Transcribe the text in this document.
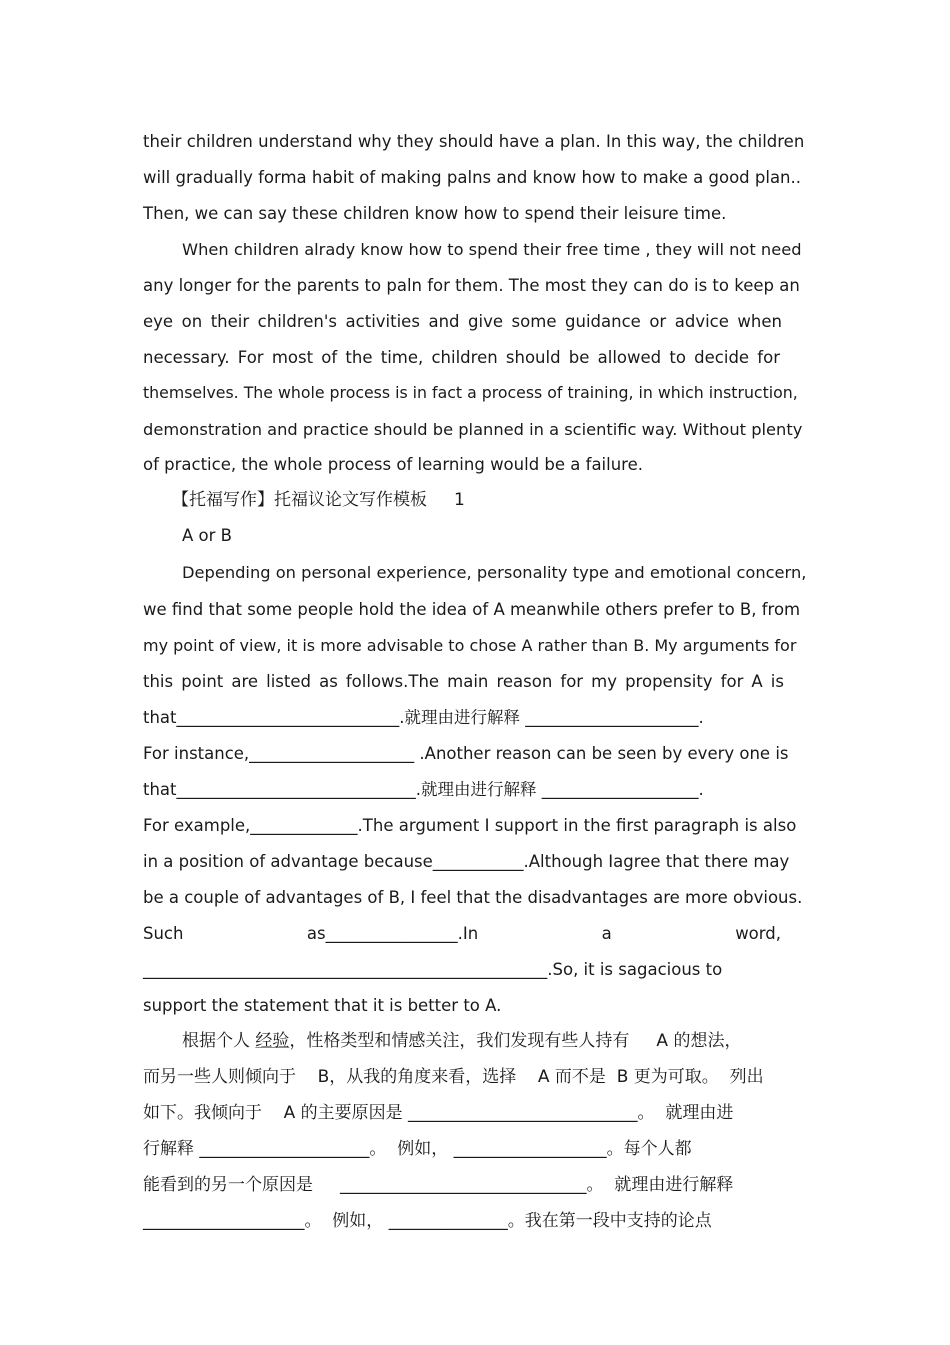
their children understand why they should have a plan. In this way, the children
will gradually forma habit of making palns and know how to make a good plan..
Then, we can say these children know how to spend their leisure time.
When children alrady know how to spend their free time , they will not need
any longer for the parents to paln for them. The most they can do is to keep an
eye on their children's activities and give some guidance or advice when
necessary. For most of the time, children should be allowed to decide for
themselves. The whole process is in fact a process of training, in which instruction,
demonstration and practice should be planned in a scientific way. Without plenty
of practice, the whole process of learning would be a failure.
【托福写作】托福议论文写作模板     1
A or B
Depending on personal experience, personality type and emotional concern,
we find that some people hold the idea of A meanwhile others prefer to B, from
my point of view, it is more advisable to chose A rather than B. My arguments for
this point are listed as follows.The main reason for my propensity for A is
that___________________________.就理由进行解释 _____________________.
For instance,____________________ .Another reason can be seen by every one is
that_____________________________.就理由进行解释 ___________________.
For example,_____________.The argument I support in the first paragraph is also
in a position of advantage because___________.Although Iagree that there may
be a couple of advantages of B, I feel that the disadvantages are more obvious.
Such as________________.In a word,
_________________________________________________.So, it is sagacious to
support the statement that it is better to A.
根据个人 经验，性格类型和情感关注，我们发现有些人持有     A 的想法，
而另一些人则倾向于    B，从我的角度来看，选择    A 而不是  B 更为可取。  列出
如下。我倾向于    A 的主要原因是 ___________________________。  就理由进
行解释 ____________________。  例如， __________________。每个人都
能看到的另一个原因是     _____________________________。  就理由进行解释
___________________。  例如， ______________。我在第一段中支持的论点
